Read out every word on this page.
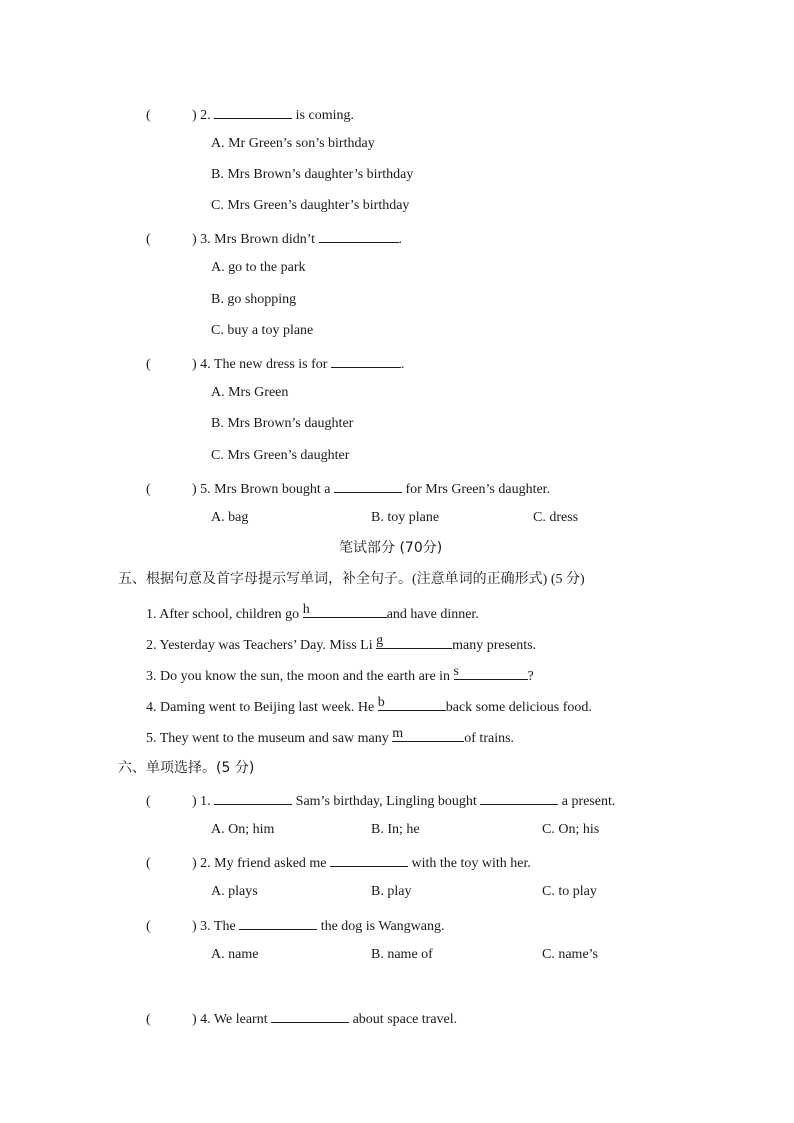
(	) 2.	is coming.
A. Mr Green’s son’s birthday
B. Mrs Brown’s daughter’s birthday
C. Mrs Green’s daughter’s birthday
(	) 3. Mrs Brown didn’t	.
A. go to the park
B. go shopping
C. buy a toy plane
(	) 4. The new dress is for	.
A. Mrs Green
B. Mrs Brown’s daughter
C. Mrs Green’s daughter
(	) 5. Mrs Brown bought a	for Mrs Green’s daughter.
A. bag	B. toy plane	C. dress
笔试部分 (70分)
五、根据句意及首字母提示写单词，补全句子。(注意单词的正确形式) (5 分)
1. After school, children go h	and have dinner.
2. Yesterday was Teachers’ Day. Miss Li g	many presents.
3. Do you know the sun, the moon and the earth are in s	?
4. Daming went to Beijing last week. He b	back some delicious food.
5. They went to the museum and saw many m	of trains.
六、单项选择。(5 分)
(	) 1.	Sam’s birthday, Lingling bought	a present.
A. On; him	B. In; he	C. On; his
(	) 2. My friend asked me	with the toy with her.
A. plays	B. play	C. to play
(	) 3. The	the dog is Wangwang.
A. name	B. name of	C. name’s
(	) 4. We learnt	about space travel.
